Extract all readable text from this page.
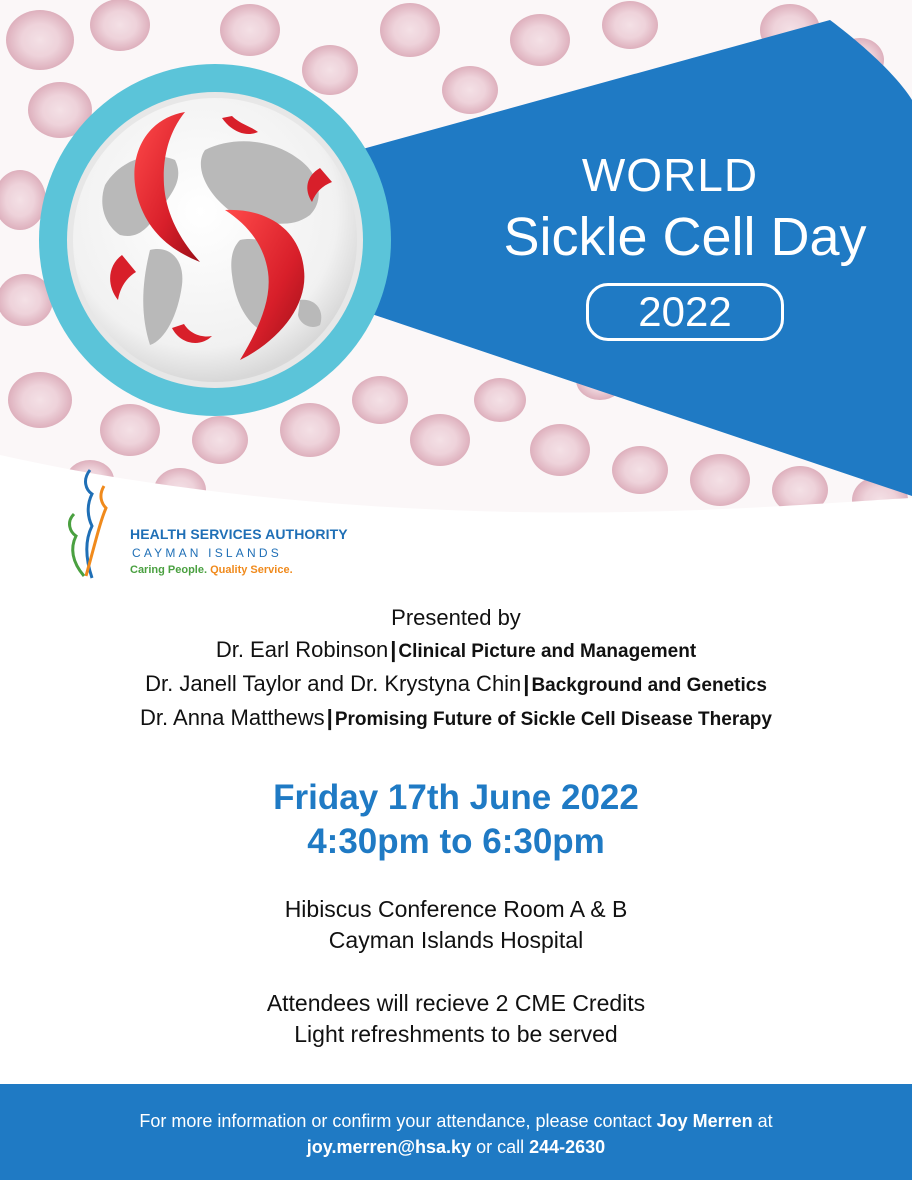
WORLD
Sickle Cell Day
2022
HEALTH SERVICES AUTHORITY
CAYMAN ISLANDS
Caring People. Quality Service.
Presented by
Dr. Earl Robinson| Clinical Picture and Management
Dr. Janell Taylor and Dr. Krystyna Chin| Background and Genetics
Dr. Anna Matthews| Promising Future of Sickle Cell Disease Therapy
Friday 17th June 2022
4:30pm to 6:30pm
Hibiscus Conference Room A & B
Cayman Islands Hospital
Attendees will recieve 2 CME Credits
Light refreshments to be served
For more information or confirm your attendance, please contact Joy Merren at
joy.merren@hsa.ky or call 244-2630
